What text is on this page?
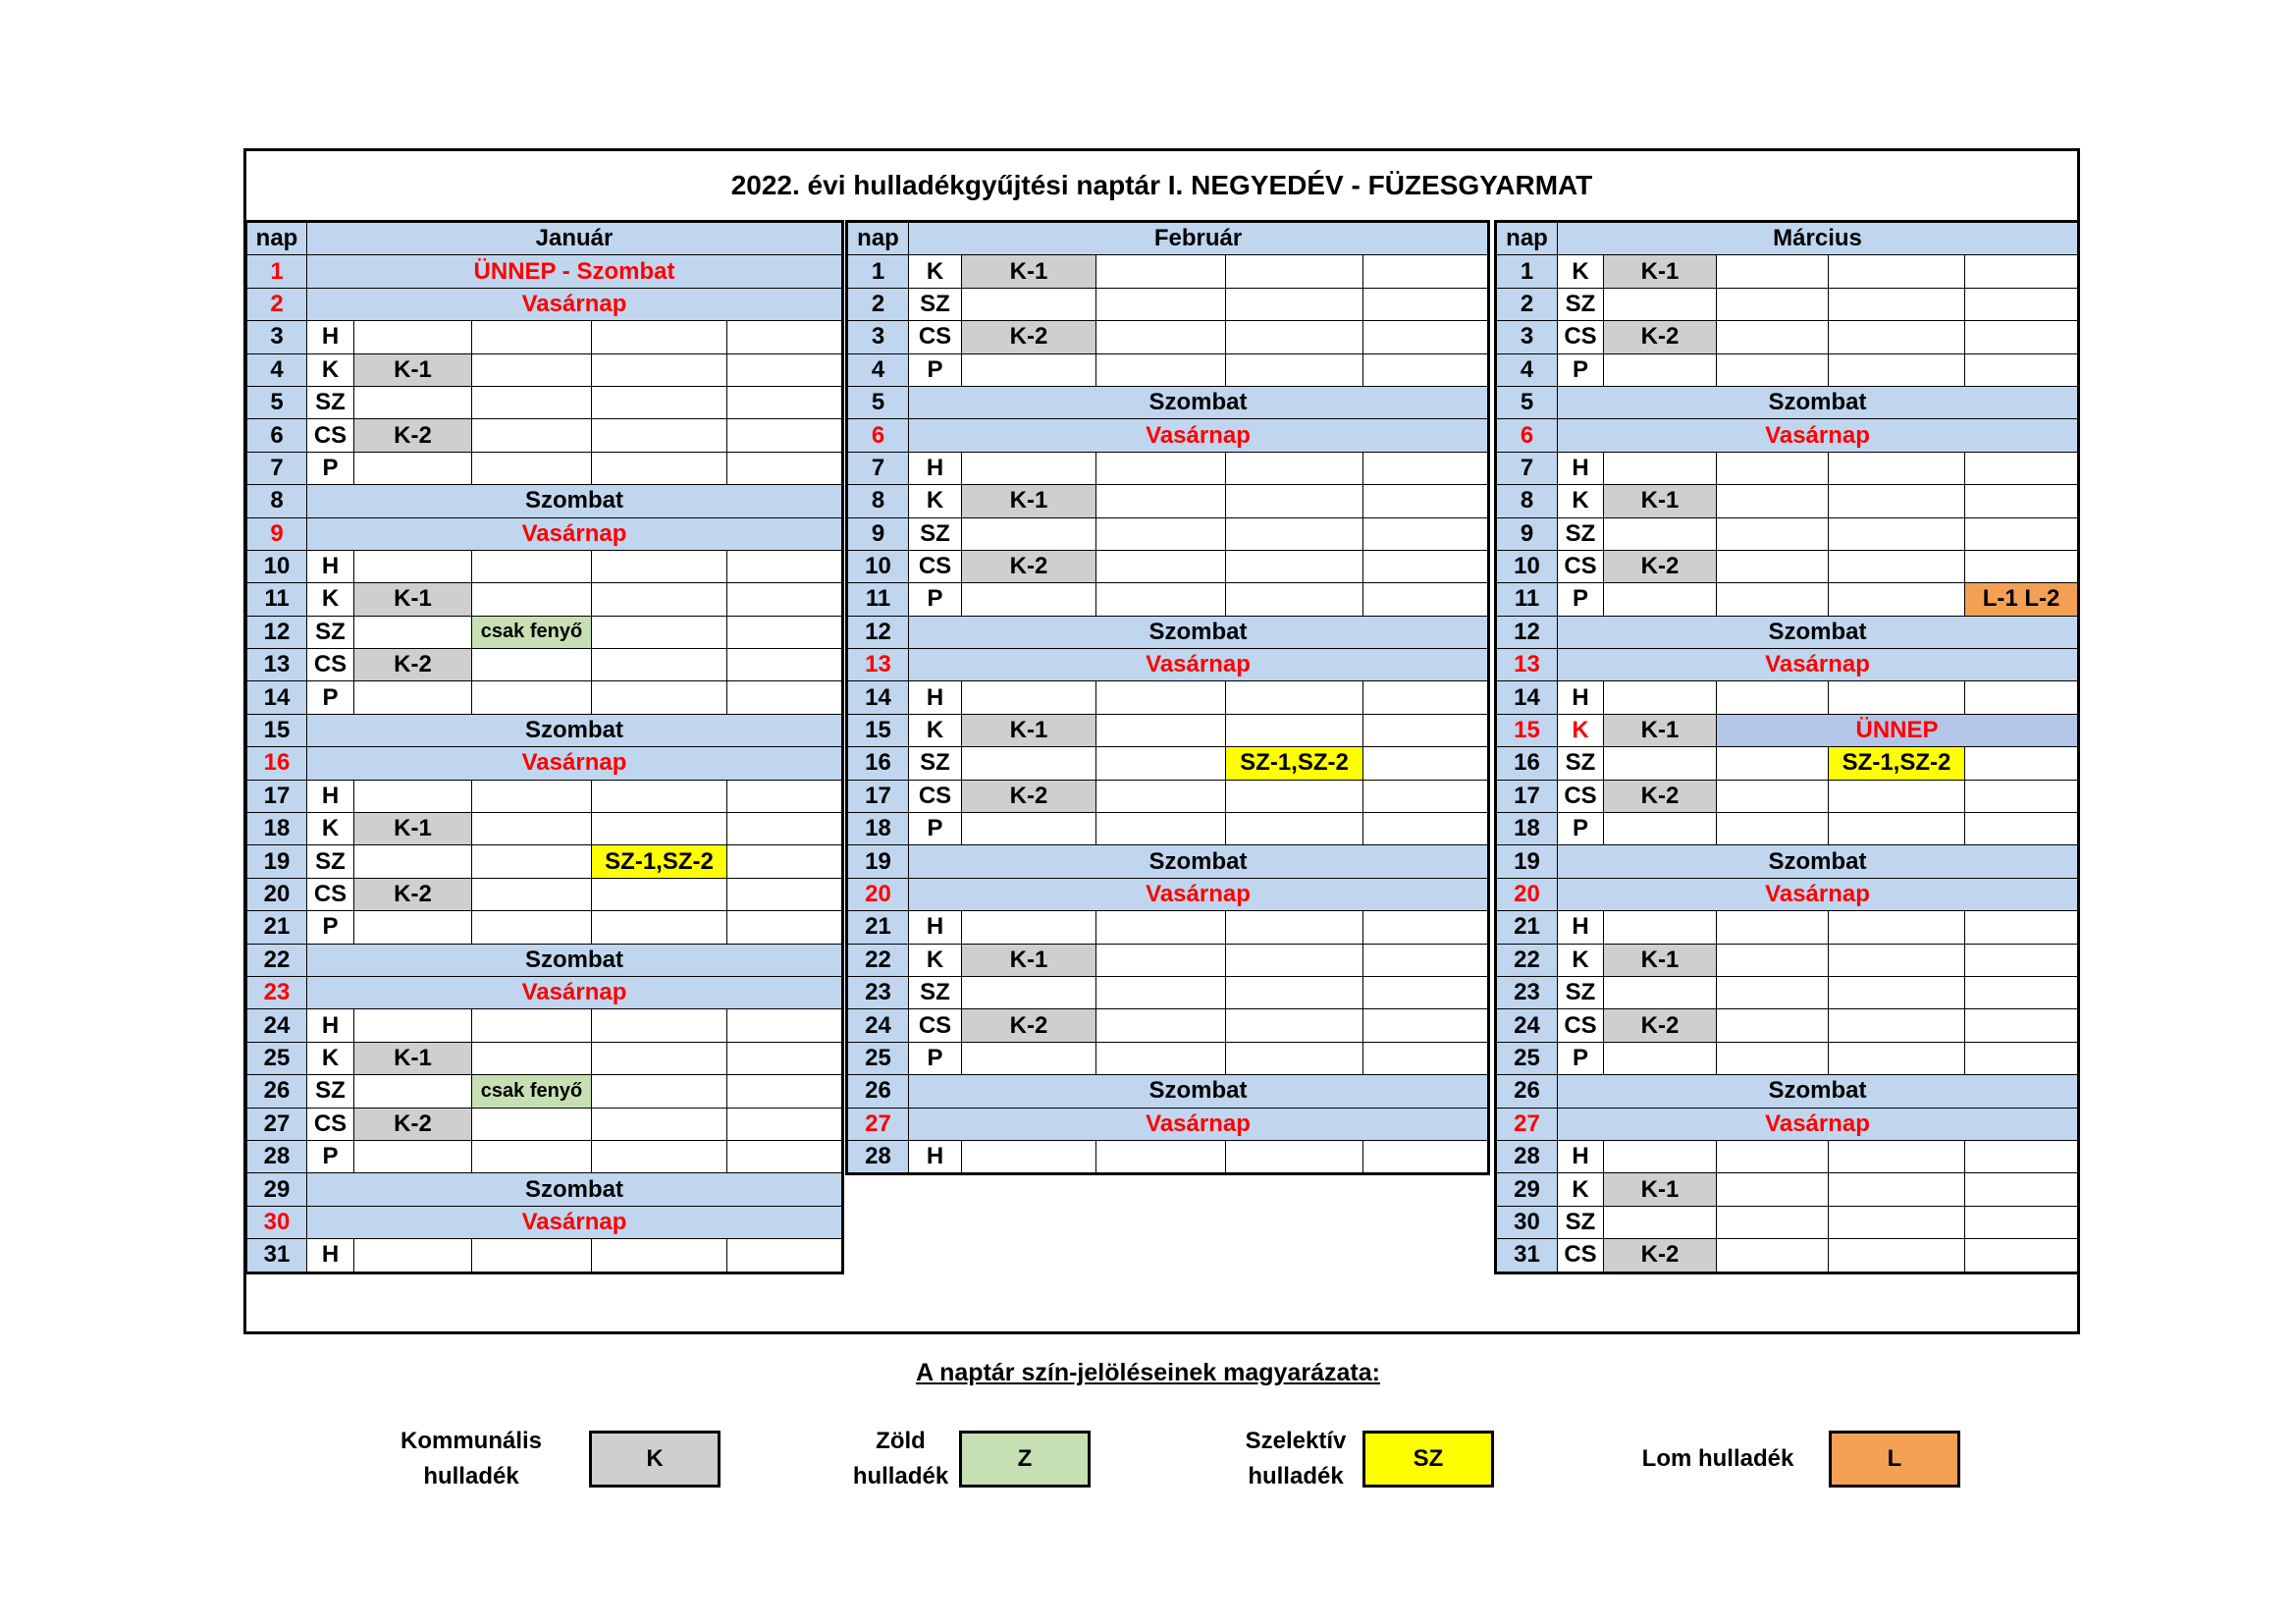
2022. évi hulladékgyűjtési naptár I. NEGYEDÉV - FÜZESGYARMAT
nap	Január				
1	ÜNNEP - Szombat				
2	Vasárnap				
3	H				
4	K	K-1			
5	SZ				
6	CS	K-2			
7	P				
8	Szombat				
9	Vasárnap				
10	H				
11	K	K-1			
12	SZ		csak fenyő		
13	CS	K-2			
14	P				
15	Szombat				
16	Vasárnap				
17	H				
18	K	K-1			
19	SZ			SZ-1,SZ-2	
20	CS	K-2			
21	P				
22	Szombat				
23	Vasárnap				
24	H				
25	K	K-1			
26	SZ		csak fenyő		
27	CS	K-2			
28	P				
29	Szombat				
30	Vasárnap				
31	H				
nap	Február				
1	K	K-1			
2	SZ				
3	CS	K-2			
4	P				
5	Szombat				
6	Vasárnap				
7	H				
8	K	K-1			
9	SZ				
10	CS	K-2			
11	P				
12	Szombat				
13	Vasárnap				
14	H				
15	K	K-1			
16	SZ			SZ-1,SZ-2	
17	CS	K-2			
18	P				
19	Szombat				
20	Vasárnap				
21	H				
22	K	K-1			
23	SZ				
24	CS	K-2			
25	P				
26	Szombat				
27	Vasárnap				
28	H				
nap	Március				
1	K	K-1			
2	SZ				
3	CS	K-2			
4	P				
5	Szombat				
6	Vasárnap				
7	H				
8	K	K-1			
9	SZ				
10	CS	K-2			
11	P				L-1 L-2
12	Szombat				
13	Vasárnap				
14	H				
15	K	K-1	ÜNNEP		
16	SZ			SZ-1,SZ-2	
17	CS	K-2			
18	P				
19	Szombat				
20	Vasárnap				
21	H				
22	K	K-1			
23	SZ				
24	CS	K-2			
25	P				
26	Szombat				
27	Vasárnap				
28	H				
29	K	K-1			
30	SZ				
31	CS	K-2			
A naptár szín-jelöléseinek magyarázata:
Kommunális
hulladék
K
Zöld
hulladék
Z
Szelektív
hulladék
SZ	Lom hulladék	L
